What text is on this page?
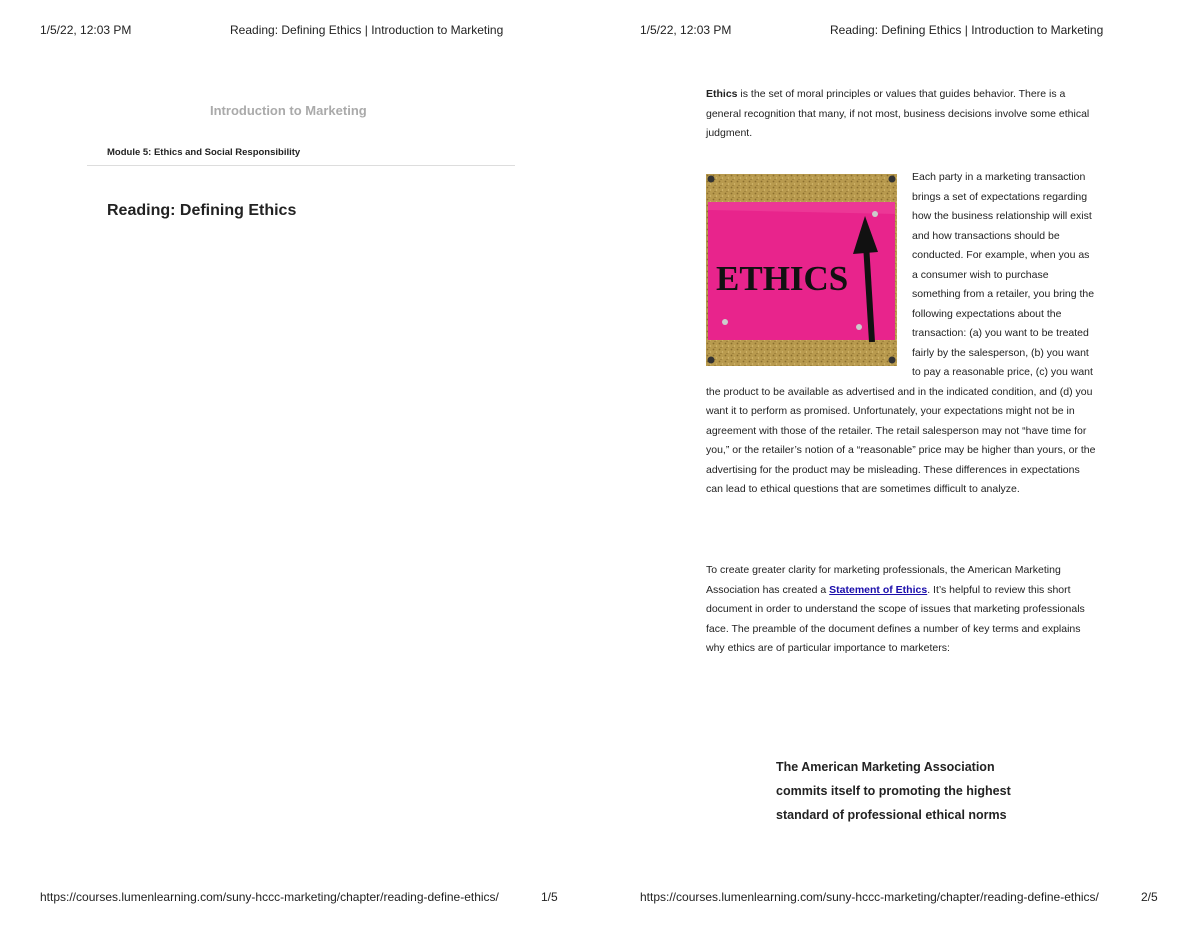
1/5/22, 12:03 PM	Reading: Defining Ethics | Introduction to Marketing
Introduction to Marketing
Module 5: Ethics and Social Responsibility
Reading: Defining Ethics
https://courses.lumenlearning.com/suny-hccc-marketing/chapter/reading-define-ethics/	1/5
1/5/22, 12:03 PM	Reading: Defining Ethics | Introduction to Marketing

Ethics is the set of moral principles or values that guides behavior. There is a general recognition that many, if not most, business decisions involve some ethical judgment.

ETHICS

Each party in a marketing transaction brings a set of expectations regarding how the business relationship will exist and how transactions should be conducted. For example, when you as a consumer wish to purchase something from a retailer, you bring the following expectations about the transaction: (a) you want to be treated fairly by the salesperson, (b) you want to pay a reasonable price, (c) you want the product to be available as advertised and in the indicated condition, and (d) you want it to perform as promised. Unfortunately, your expectations might not be in agreement with those of the retailer. The retail salesperson may not “have time for you,” or the retailer’s notion of a “reasonable” price may be higher than yours, or the advertising for the product may be misleading. These differences in expectations can lead to ethical questions that are sometimes difficult to analyze.

To create greater clarity for marketing professionals, the American Marketing Association has created a Statement of Ethics. It’s helpful to review this short document in order to understand the scope of issues that marketing professionals face. The preamble of the document defines a number of key terms and explains why ethics are of particular importance to marketers:

The American Marketing Association commits itself to promoting the highest standard of professional ethical norms
https://courses.lumenlearning.com/suny-hccc-marketing/chapter/reading-define-ethics/	2/5
